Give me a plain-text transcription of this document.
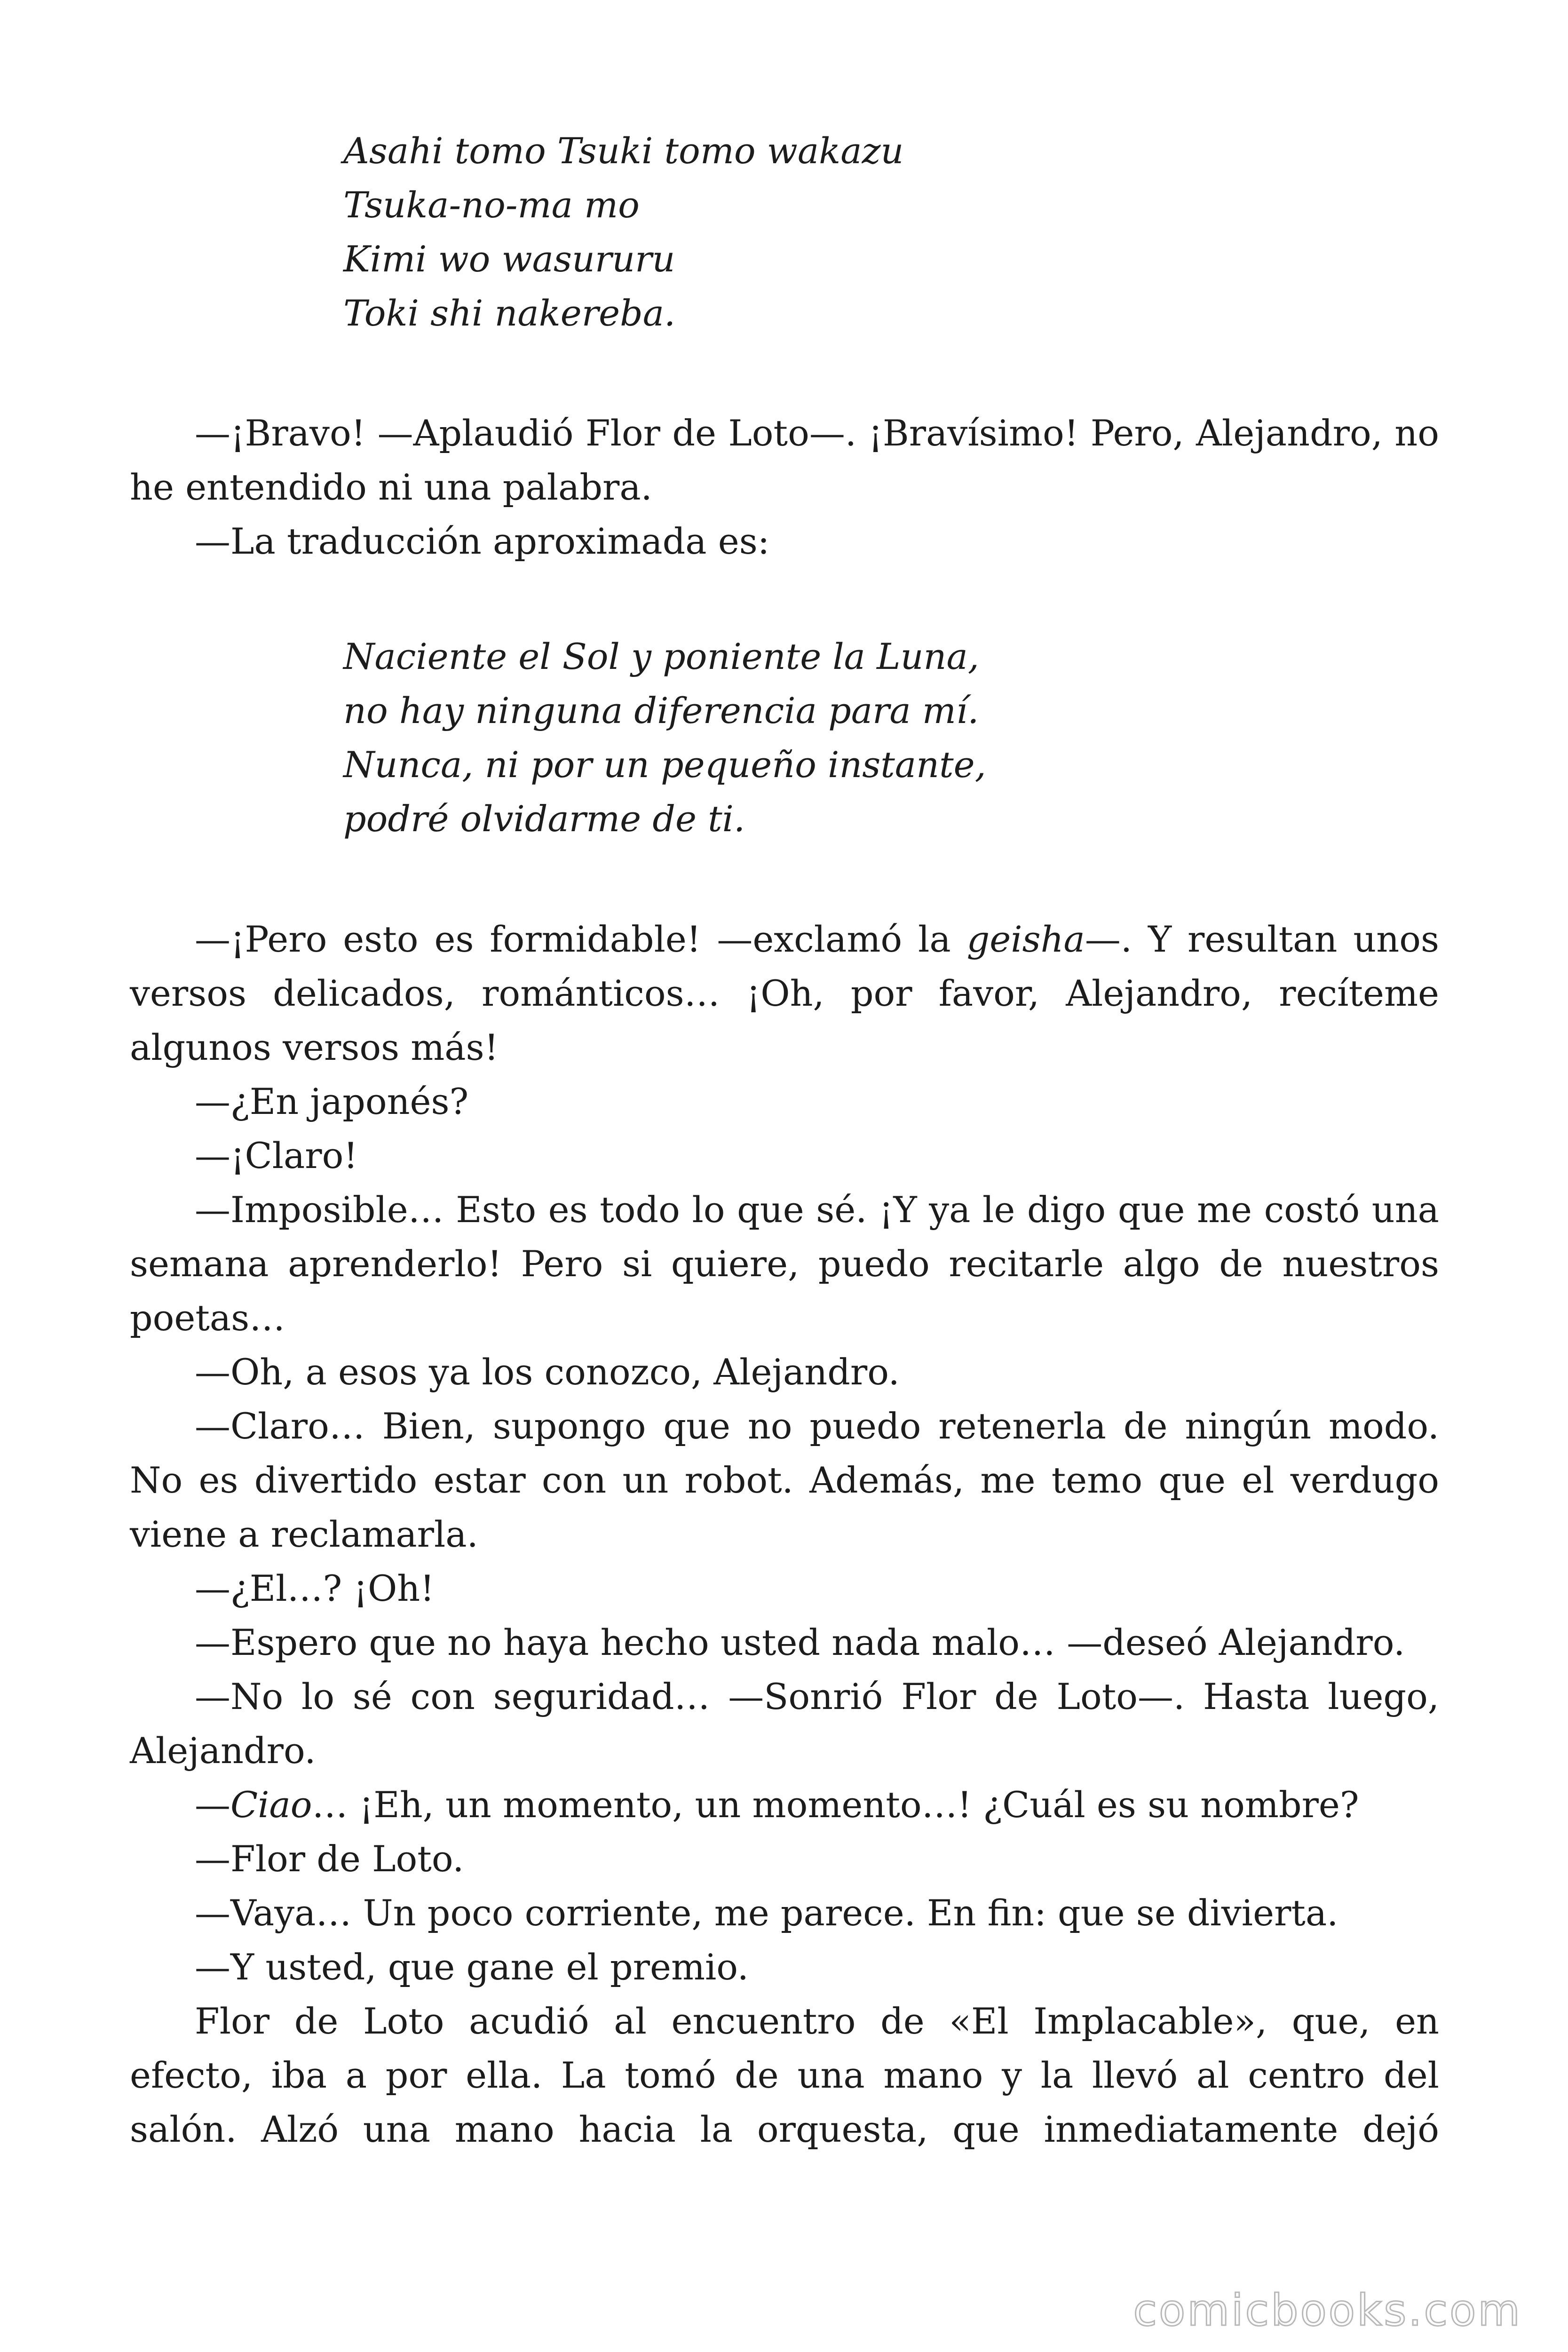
Asahi tomo Tsuki tomo wakazu
Tsuka-no-ma mo
Kimi wo wasururu
Toki shi nakereba.

—¡Bravo! —Aplaudió Flor de Loto—. ¡Bravísimo! Pero, Alejandro, no he entendido ni una palabra.

—La traducción aproximada es:

Naciente el Sol y poniente la Luna,
no hay ninguna diferencia para mí.
Nunca, ni por un pequeño instante,
podré olvidarme de ti.

—¡Pero esto es formidable! —exclamó la geisha—. Y resultan unos versos delicados, románticos… ¡Oh, por favor, Alejandro, recíteme algunos versos más!

—¿En japonés?

—¡Claro!

—Imposible… Esto es todo lo que sé. ¡Y ya le digo que me costó una semana aprenderlo! Pero si quiere, puedo recitarle algo de nuestros poetas…

—Oh, a esos ya los conozco, Alejandro.

—Claro… Bien, supongo que no puedo retenerla de ningún modo. No es divertido estar con un robot. Además, me temo que el verdugo viene a reclamarla.

—¿El…? ¡Oh!

—Espero que no haya hecho usted nada malo… —deseó Alejandro.

—No lo sé con seguridad… —Sonrió Flor de Loto—. Hasta luego, Alejandro.

—Ciao… ¡Eh, un momento, un momento…! ¿Cuál es su nombre?

—Flor de Loto.

—Vaya… Un poco corriente, me parece. En fin: que se divierta.

—Y usted, que gane el premio.

Flor de Loto acudió al encuentro de «El Implacable», que, en efecto, iba a por ella. La tomó de una mano y la llevó al centro del salón. Alzó una mano hacia la orquesta, que inmediatamente dejó

comicbooks.com
